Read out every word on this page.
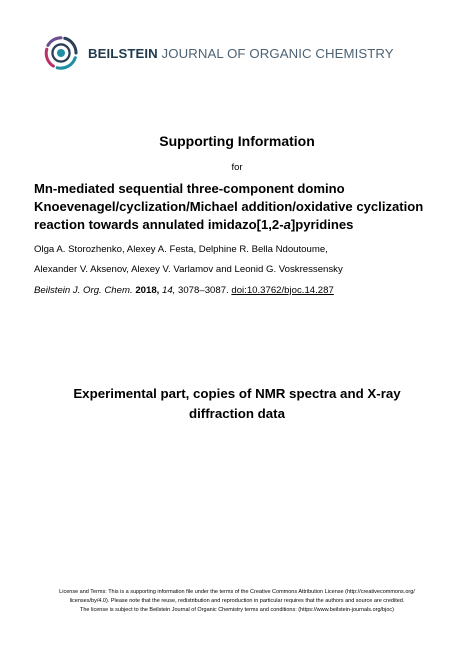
BEILSTEIN JOURNAL OF ORGANIC CHEMISTRY
Supporting Information
for
Mn-mediated sequential three-component domino
Knoevenagel/cyclization/Michael addition/oxidative cyclization
reaction towards annulated imidazo[1,2-a]pyridines
Olga A. Storozhenko, Alexey A. Festa, Delphine R. Bella Ndoutoume,
Alexander V. Aksenov, Alexey V. Varlamov and Leonid G. Voskressensky
Beilstein J. Org. Chem. 2018, 14, 3078–3087. doi:10.3762/bjoc.14.287
Experimental part, copies of NMR spectra and X-ray
diffraction data
License and Terms: This is a supporting information file under the terms of the Creative Commons Attribution License (http://creativecommons.org/
licenses/by/4.0). Please note that the reuse, redistribution and reproduction in particular requires that the authors and source are credited.
The license is subject to the Beilstein Journal of Organic Chemistry terms and conditions: (https://www.beilstein-journals.org/bjoc)
